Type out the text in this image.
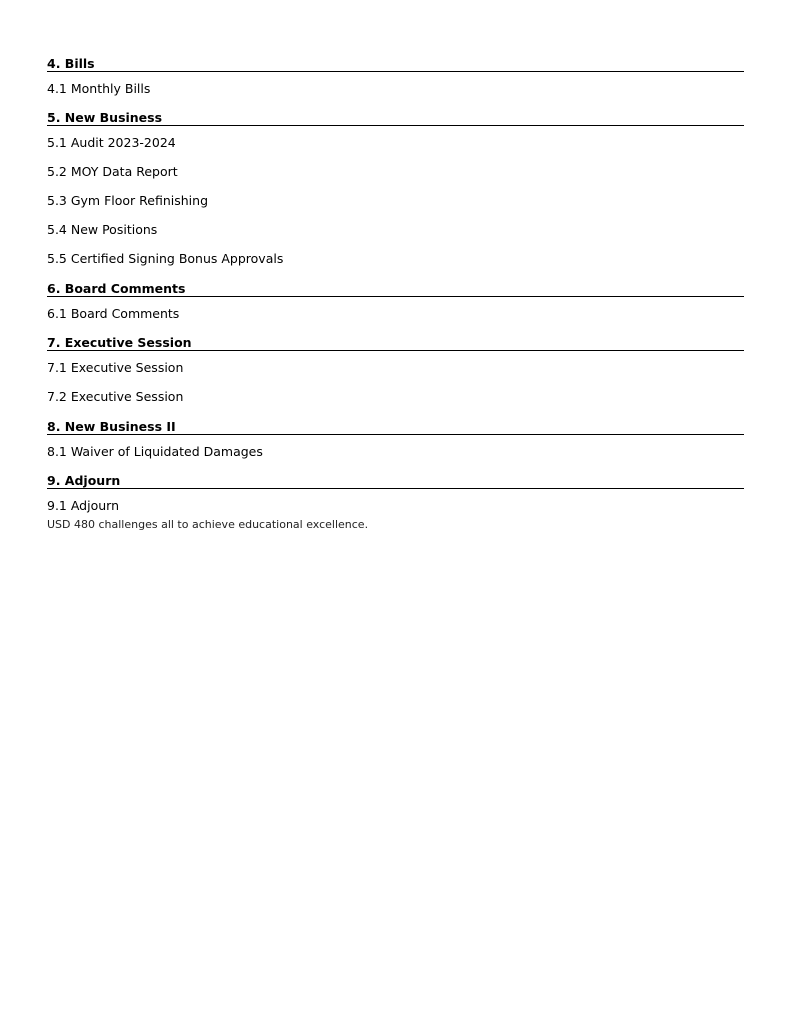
4. Bills
4.1 Monthly Bills
5. New Business
5.1 Audit 2023-2024
5.2 MOY Data Report
5.3 Gym Floor Refinishing
5.4 New Positions
5.5 Certified Signing Bonus Approvals
6. Board Comments
6.1 Board Comments
7. Executive Session
7.1 Executive Session
7.2 Executive Session
8. New Business II
8.1 Waiver of Liquidated Damages
9. Adjourn
9.1 Adjourn
USD 480 challenges all to achieve educational excellence.
